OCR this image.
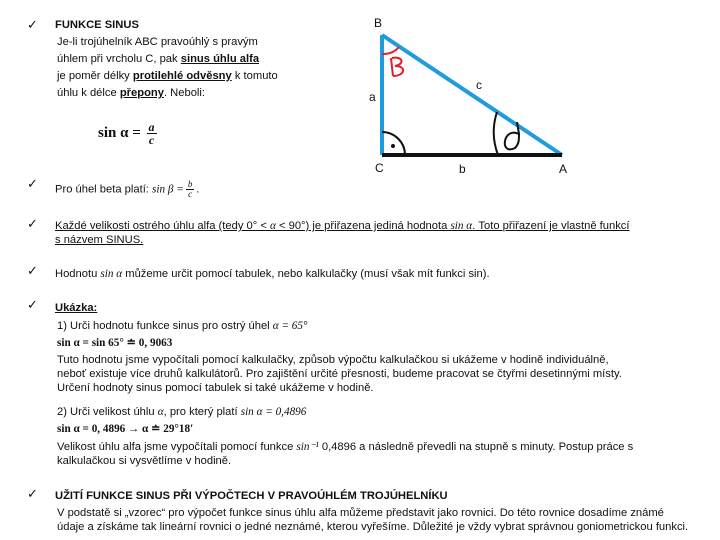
✓ FUNKCE SINUS
Je-li trojúhelník ABC pravoúhlý s pravým
úhlem při vrcholu C, pak sinus úhlu alfa
je poměr délky protilehlé odvěsny k tomuto
úhlu k délce přepony. Neboli:
$\sin \alpha = \frac{a}{c}$
B
a
c
C	b	A
✓ Pro úhel beta platí: $\sin \beta = \frac{b}{c}$ .
✓ Každé velikosti ostrého úhlu alfa (tedy 0° < α < 90°) je přiřazena jediná hodnota sin α. Toto přiřazení je vlastně funkcí
s názvem SINUS.
✓ Hodnotu sin α můžeme určit pomocí tabulek, nebo kalkulačky (musí však mít funkci sin).
✓ Ukázka:
1) Urči hodnotu funkce sinus pro ostrý úhel α = 65°
sin α = sin 65° ≐ 0, 9063
Tuto hodnotu jsme vypočítali pomocí kalkulačky, způsob výpočtu kalkulačkou si ukážeme v hodině individuálně,
neboť existuje více druhů kalkulátorů. Pro zajištění určité přesnosti, budeme pracovat se čtyřmi desetinnými místy.
Určení hodnoty sinus pomocí tabulek si také ukážeme v hodině.
2) Urči velikost úhlu α, pro který platí sin α = 0,4896
sin α = 0, 4896 → α ≐ 29°18′
Velikost úhlu alfa jsme vypočítali pomocí funkce sin⁻¹ 0,4896 a následně převedli na stupně s minuty. Postup práce s
kalkulačkou si vysvětlíme v hodině.
✓ UŽITÍ FUNKCE SINUS PŘI VÝPOČTECH V PRAVOÚHLÉM TROJÚHELNÍKU
V podstatě si „vzorec“ pro výpočet funkce sinus úhlu alfa můžeme představit jako rovnici. Do této rovnice dosadíme známé
údaje a získáme tak lineární rovnici o jedné neznámé, kterou vyřešíme. Důležité je vždy vybrat správnou goniometrickou funkci.
